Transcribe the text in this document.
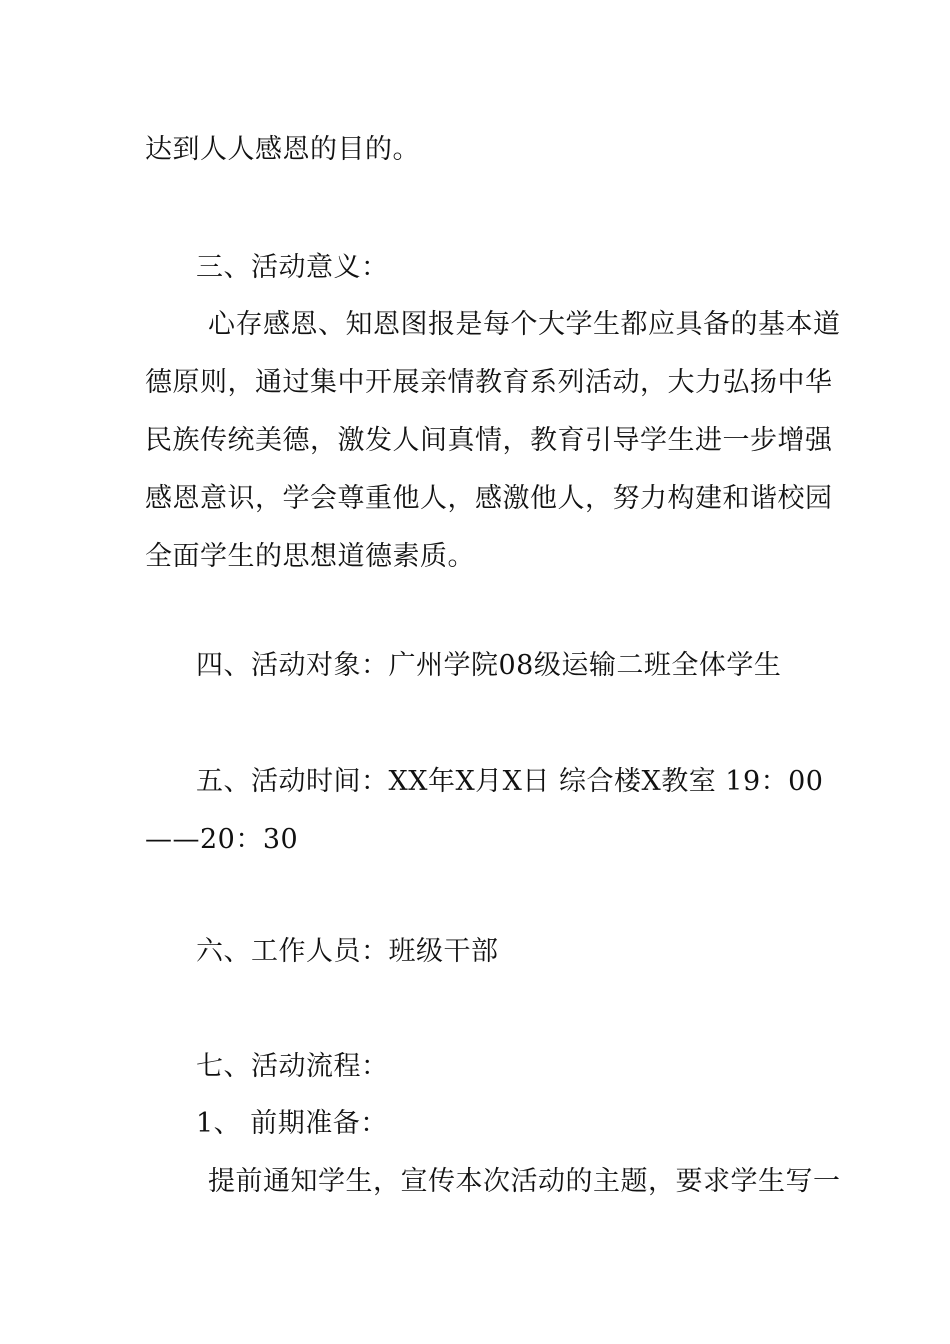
达到人人感恩的目的。
三、活动意义：
心存感恩、知恩图报是每个大学生都应具备的基本道
德原则，通过集中开展亲情教育系列活动，大力弘扬中华
民族传统美德，激发人间真情，教育引导学生进一步增强
感恩意识，学会尊重他人，感激他人，努力构建和谐校园
全面学生的思想道德素质。
四、活动对象：广州学院08级运输二班全体学生
五、活动时间：XX年X月X日 综合楼X教室 19：00
——20：30
六、工作人员：班级干部
七、活动流程：
1、 前期准备：
提前通知学生，宣传本次活动的主题，要求学生写一
